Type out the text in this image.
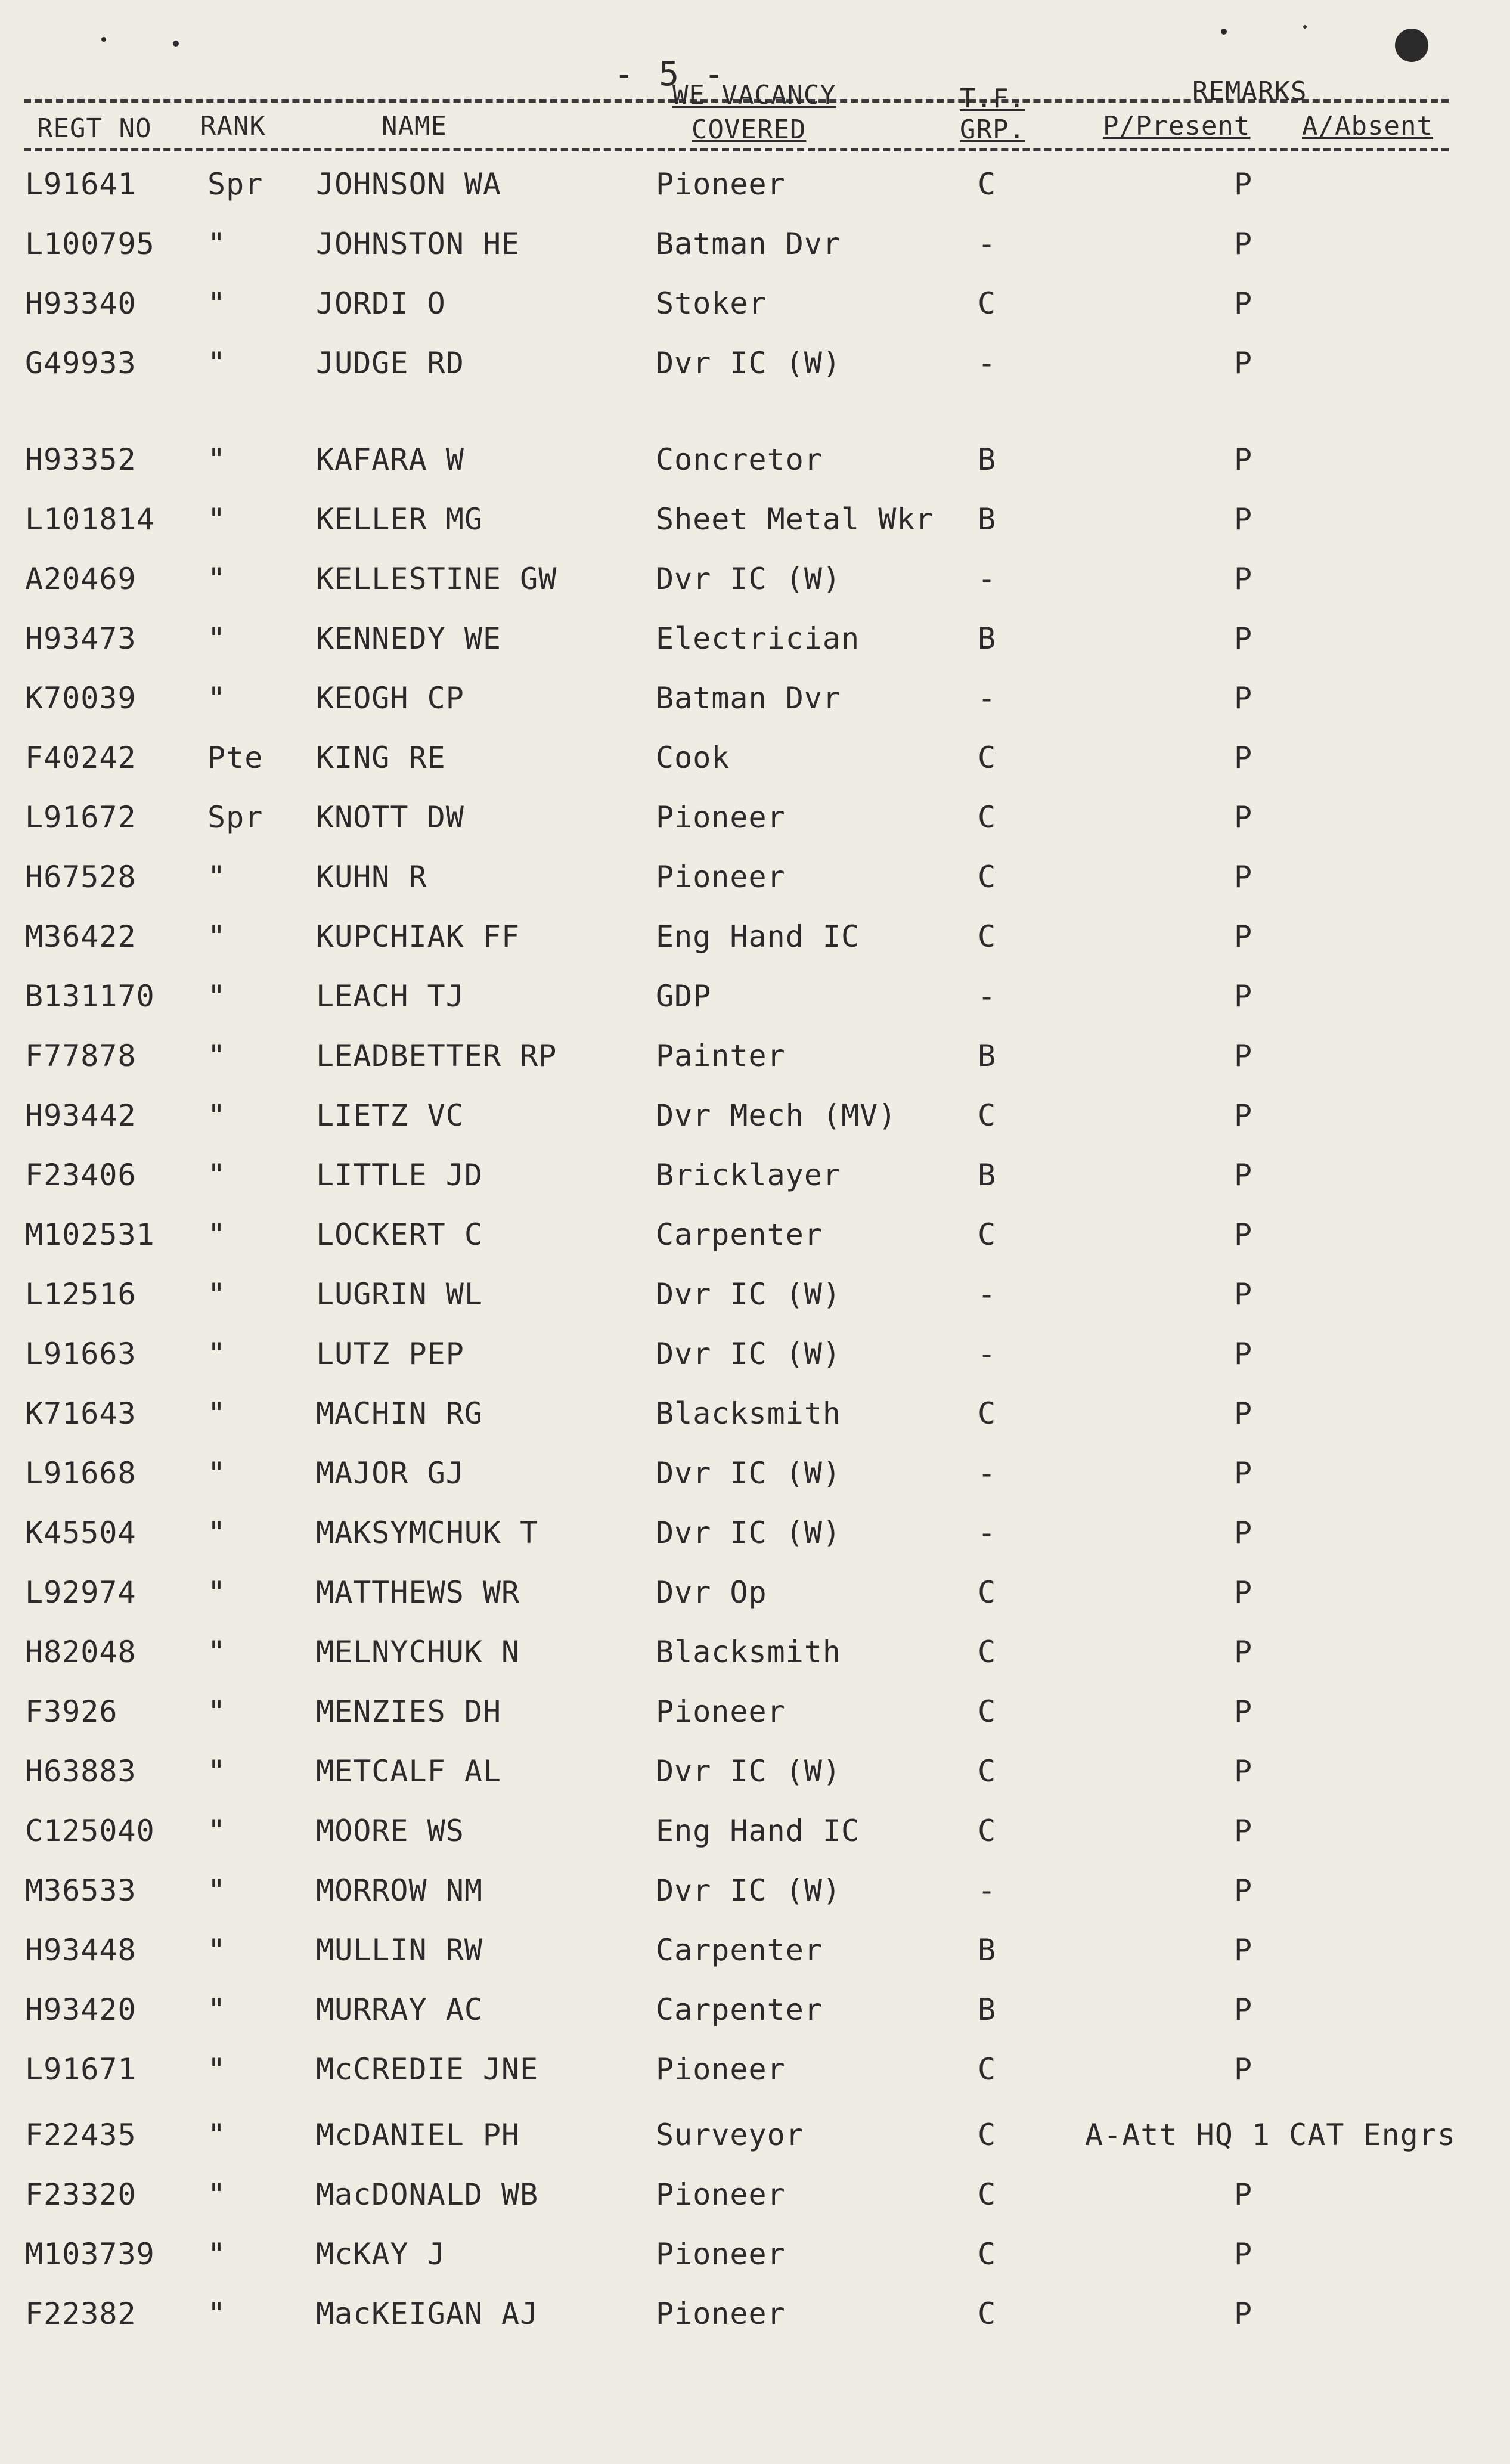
- 5 -
REGT NO RANK	NAME
WE VACANCY
COVERED
T.F.
GRP.
REMARKS
P/Present A/Absent
L91641 Spr JOHNSON WA	Pioneer	C	P
L100795 "	JOHNSTON HE	Batman Dvr	-	P
H93340 "	JORDI O	Stoker	C	P
G49933 "	JUDGE RD	Dvr IC (W)	-	P
H93352 "	KAFARA W	Concretor	B	P
L101814 "	KELLER MG	Sheet Metal Wkr B	P
A20469 "	KELLESTINE GW	Dvr IC (W)	-	P
H93473 "	KENNEDY WE	Electrician	B	P
K70039 "	KEOGH CP	Batman Dvr	-	P
F40242 Pte KING RE	Cook	C	P
L91672 Spr KNOTT DW	Pioneer	C	P
H67528 "	KUHN R	Pioneer	C	P
M36422 "	KUPCHIAK FF	Eng Hand IC	C	P
B131170 "	LEACH TJ	GDP	-	P
F77878 "	LEADBETTER RP	Painter	B	P
H93442 "	LIETZ VC	Dvr Mech (MV)	C	P
F23406 "	LITTLE JD	Bricklayer	B	P
M102531 "	LOCKERT C	Carpenter	C	P
L12516 "	LUGRIN WL	Dvr IC (W)	-	P
L91663 "	LUTZ PEP	Dvr IC (W)	-	P
K71643 "	MACHIN RG	Blacksmith	C	P
L91668 "	MAJOR GJ	Dvr IC (W)	-	P
K45504 "	MAKSYMCHUK T	Dvr IC (W)	-	P
L92974 "	MATTHEWS WR	Dvr Op	C	P
H82048 "	MELNYCHUK N	Blacksmith	C	P
F3926	"	MENZIES DH	Pioneer	C	P
H63883 "	METCALF AL	Dvr IC (W)	C	P
C125040 "	MOORE WS	Eng Hand IC	C	P
M36533 "	MORROW NM	Dvr IC (W)	-	P
H93448 "	MULLIN RW	Carpenter	B	P
H93420 "	MURRAY AC	Carpenter	B	P
L91671 "	McCREDIE JNE	Pioneer	C	P
F22435 "	McDANIEL PH	Surveyor	C	A-Att HQ 1 CAT Engrs
F23320 "	MacDONALD WB	Pioneer	C	P
M103739 "	McKAY J	Pioneer	C	P
F22382 "	MacKEIGAN AJ	Pioneer	C	P
